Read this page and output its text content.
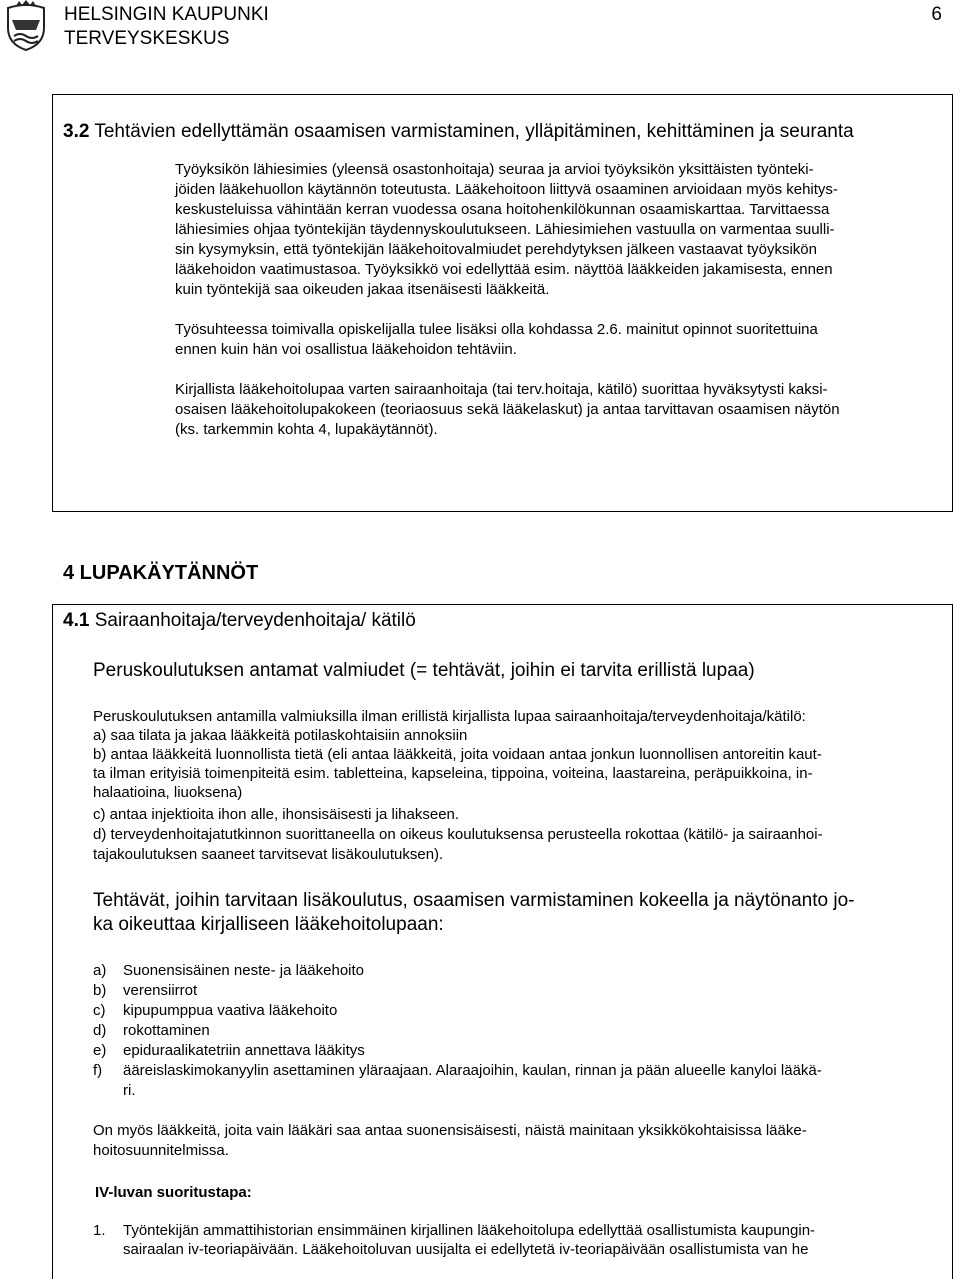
HELSINGIN KAUPUNKI
TERVEYSKESKUS
6
3.2 Tehtävien edellyttämän osaamisen varmistaminen, ylläpitäminen, kehittäminen ja seuranta
Työyksikön lähiesimies (yleensä osastonhoitaja) seuraa ja arvioi työyksikön yksittäisten työnteki-
jöiden lääkehuollon käytännön toteutusta. Lääkehoitoon liittyvä osaaminen arvioidaan myös kehitys-
keskusteluissa vähintään kerran vuodessa osana hoitohenkilökunnan osaamiskarttaa. Tarvittaessa
lähiesimies ohjaa työntekijän täydennyskoulutukseen. Lähiesimiehen vastuulla on varmentaa suulli-
sin kysymyksin, että työntekijän lääkehoitovalmiudet perehdytyksen jälkeen vastaavat työyksikön
lääkehoidon vaatimustasoa. Työyksikkö voi edellyttää esim. näyttöä lääkkeiden jakamisesta, ennen
kuin työntekijä saa oikeuden jakaa itsenäisesti lääkkeitä.
Työsuhteessa toimivalla opiskelijalla tulee lisäksi olla kohdassa 2.6. mainitut opinnot suoritettuina
ennen kuin hän voi osallistua lääkehoidon tehtäviin.
Kirjallista lääkehoitolupaa varten sairaanhoitaja (tai terv.hoitaja, kätilö) suorittaa hyväksytysti kaksi-
osaisen lääkehoitolupakokeen (teoriaosuus sekä lääkelaskut) ja antaa tarvittavan osaamisen näytön
(ks. tarkemmin kohta 4, lupakäytännöt).
4 LUPAKÄYTÄNNÖT
4.1 Sairaanhoitaja/terveydenhoitaja/ kätilö
Peruskoulutuksen antamat valmiudet (= tehtävät, joihin ei tarvita erillistä lupaa)
Peruskoulutuksen antamilla valmiuksilla ilman erillistä kirjallista lupaa sairaanhoitaja/terveydenhoitaja/kätilö:
a) saa tilata ja jakaa lääkkeitä potilaskohtaisiin annoksiin
b) antaa lääkkeitä luonnollista tietä (eli antaa lääkkeitä, joita voidaan antaa jonkun luonnollisen antoreitin kaut-
ta ilman erityisiä toimenpiteitä esim. tabletteina, kapseleina, tippoina, voiteina, laastareina, peräpuikkoina, in-
halaatioina, liuoksena)
c) antaa injektioita ihon alle, ihonsisäisesti ja lihakseen.
d) terveydenhoitajatutkinnon suorittaneella on oikeus koulutuksensa perusteella rokottaa (kätilö- ja sairaanhoi-
tajakoulutuksen saaneet tarvitsevat lisäkoulutuksen).
Tehtävät, joihin tarvitaan lisäkoulutus, osaamisen varmistaminen kokeella ja näytönanto jo-
ka oikeuttaa kirjalliseen lääkehoitolupaan:
a) Suonensisäinen neste- ja lääkehoito
b) verensiirrot
c) kipupumppua vaativa lääkehoito
d) rokottaminen
e) epiduraalikatetriin annettava lääkitys
f) ääreislaskimokanyylin asettaminen yläraajaan. Alaraajoihin, kaulan, rinnan ja pään alueelle kanyloi lääkä-
ri.
On myös lääkkeitä, joita vain lääkäri saa antaa suonensisäisesti, näistä mainitaan yksikkökohtaisissa lääke-
hoitosuunnitelmissa.
IV-luvan suoritustapa:
1. Työntekijän ammattihistorian ensimmäinen kirjallinen lääkehoitolupa edellyttää osallistumista kaupungin-
sairaalan iv-teoriapäivään. Lääkehoitoluvan uusijalta ei edellytetä iv-teoriapäivään osallistumista van he
